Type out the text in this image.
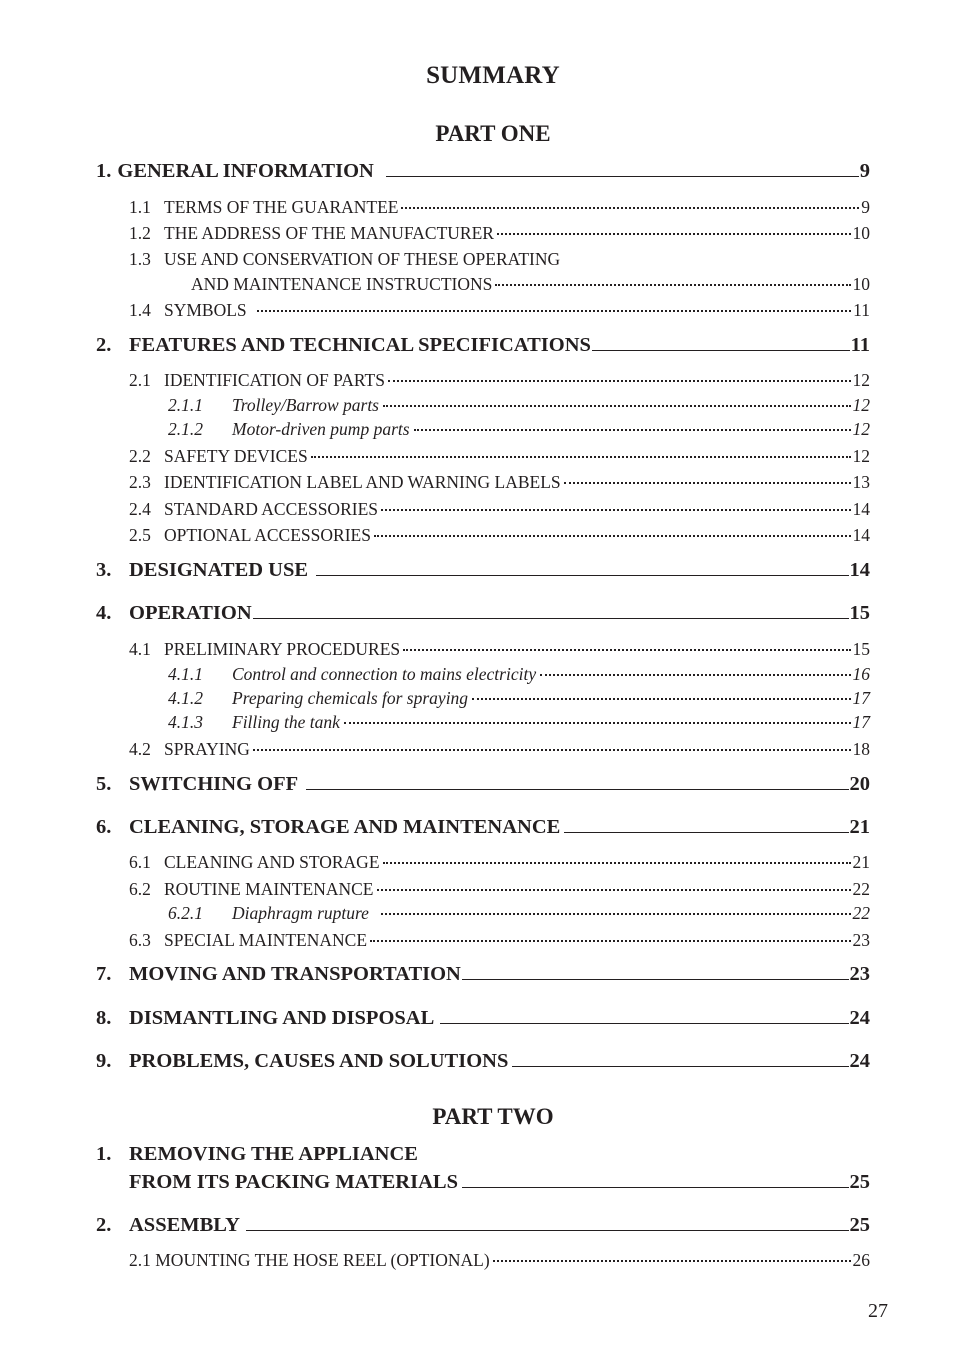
SUMMARY
PART ONE
1. GENERAL INFORMATION	9
1.1 TERMS OF THE GUARANTEE	9
1.2 THE ADDRESS OF THE MANUFACTURER	10
1.3 USE AND CONSERVATION OF THESE OPERATING
AND MAINTENANCE INSTRUCTIONS	10
1.4 SYMBOLS	11
2. FEATURES AND TECHNICAL SPECIFICATIONS	11
2.1 IDENTIFICATION OF PARTS	12
2.1.1	Trolley/Barrow parts	12
2.1.2	Motor-driven pump parts	12
2.2 SAFETY DEVICES	12
2.3 IDENTIFICATION LABEL AND WARNING LABELS	13
2.4 STANDARD ACCESSORIES	14
2.5 OPTIONAL ACCESSORIES	14
3. DESIGNATED USE	14
4. OPERATION	15
4.1 PRELIMINARY PROCEDURES	15
4.1.1	Control and connection to mains electricity	16
4.1.2	Preparing chemicals for spraying	17
4.1.3	Filling the tank	17
4.2 SPRAYING	18
5. SWITCHING OFF	20
6. CLEANING, STORAGE AND MAINTENANCE	21
6.1 CLEANING AND STORAGE	21
6.2 ROUTINE MAINTENANCE	22
6.2.1	Diaphragm rupture	22
6.3 SPECIAL MAINTENANCE	23
7. MOVING AND TRANSPORTATION	23
8. DISMANTLING AND DISPOSAL	24
9. PROBLEMS, CAUSES AND SOLUTIONS	24
PART TWO
1. REMOVING THE APPLIANCE
FROM ITS PACKING MATERIALS	25
2. ASSEMBLY	25
2.1 MOUNTING THE HOSE REEL (OPTIONAL)	26
27
